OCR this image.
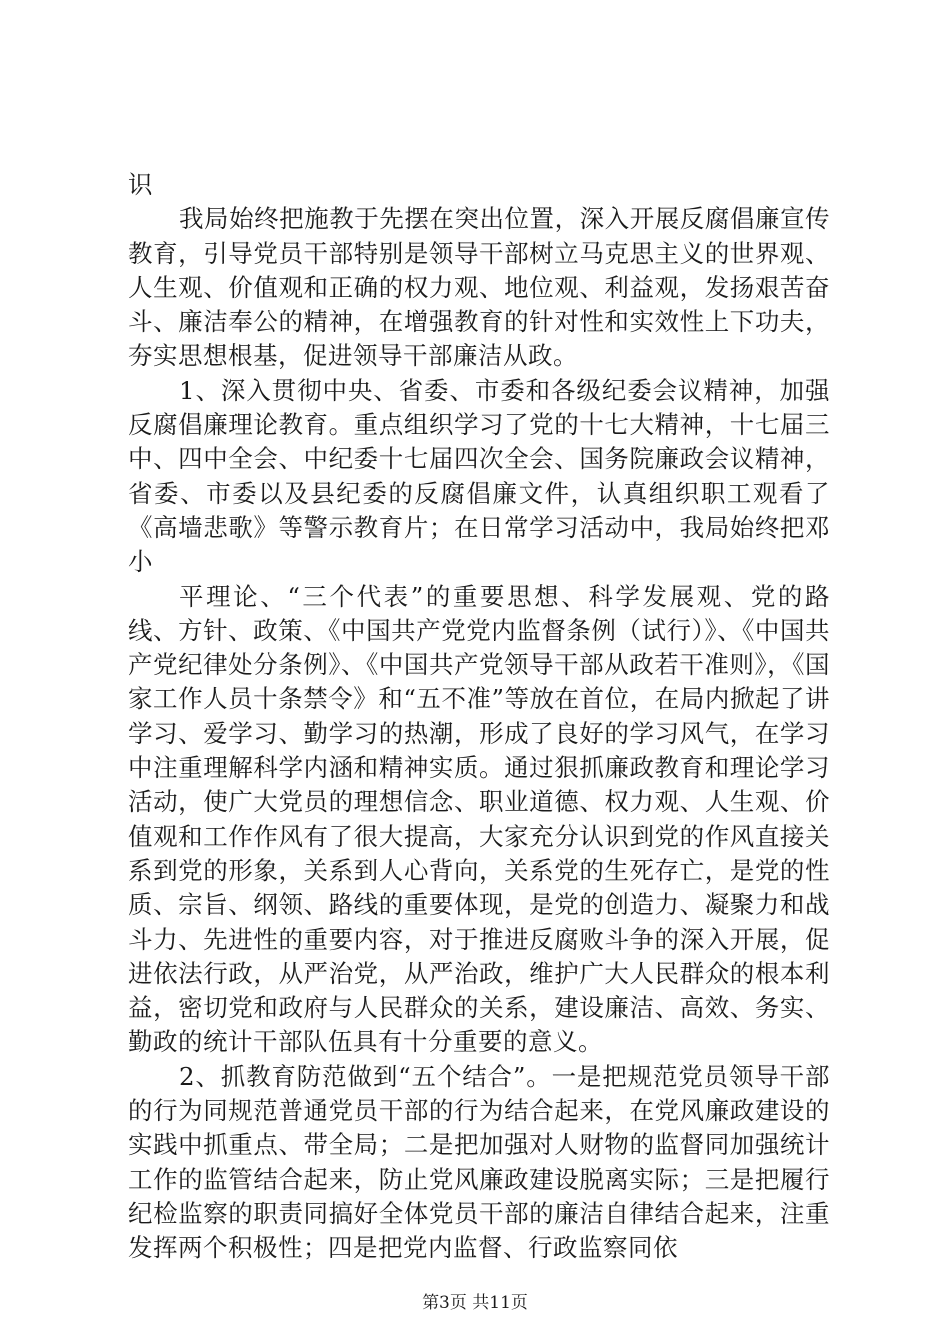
识

我局始终把施教于先摆在突出位置，深入开展反腐倡廉宣传教育，引导党员干部特别是领导干部树立马克思主义的世界观、人生观、价值观和正确的权力观、地位观、利益观，发扬艰苦奋斗、廉洁奉公的精神，在增强教育的针对性和实效性上下功夫，夯实思想根基，促进领导干部廉洁从政。

1、深入贯彻中央、省委、市委和各级纪委会议精神，加强反腐倡廉理论教育。重点组织学习了党的十七大精神，十七届三中、四中全会、中纪委十七届四次全会、国务院廉政会议精神，省委、市委以及县纪委的反腐倡廉文件，认真组织职工观看了《高墙悲歌》等警示教育片；在日常学习活动中，我局始终把邓小

平理论、“三个代表”的重要思想、科学发展观、党的路线、方针、政策、《中国共产党党内监督条例（试行）》、《中国共产党纪律处分条例》、《中国共产党领导干部从政若干准则》，《国家工作人员十条禁令》和“五不准”等放在首位，在局内掀起了讲学习、爱学习、勤学习的热潮，形成了良好的学习风气，在学习中注重理解科学内涵和精神实质。通过狠抓廉政教育和理论学习活动，使广大党员的理想信念、职业道德、权力观、人生观、价值观和工作作风有了很大提高，大家充分认识到党的作风直接关系到党的形象，关系到人心背向，关系党的生死存亡，是党的性质、宗旨、纲领、路线的重要体现，是党的创造力、凝聚力和战斗力、先进性的重要内容，对于推进反腐败斗争的深入开展，促进依法行政，从严治党，从严治政，维护广大人民群众的根本利益，密切党和政府与人民群众的关系，建设廉洁、高效、务实、勤政的统计干部队伍具有十分重要的意义。

2、抓教育防范做到“五个结合”。一是把规范党员领导干部的行为同规范普通党员干部的行为结合起来，在党风廉政建设的实践中抓重点、带全局；二是把加强对人财物的监督同加强统计工作的监管结合起来，防止党风廉政建设脱离实际；三是把履行纪检监察的职责同搞好全体党员干部的廉洁自律结合起来，注重发挥两个积极性；四是把党内监督、行政监察同依

第3页 共11页
